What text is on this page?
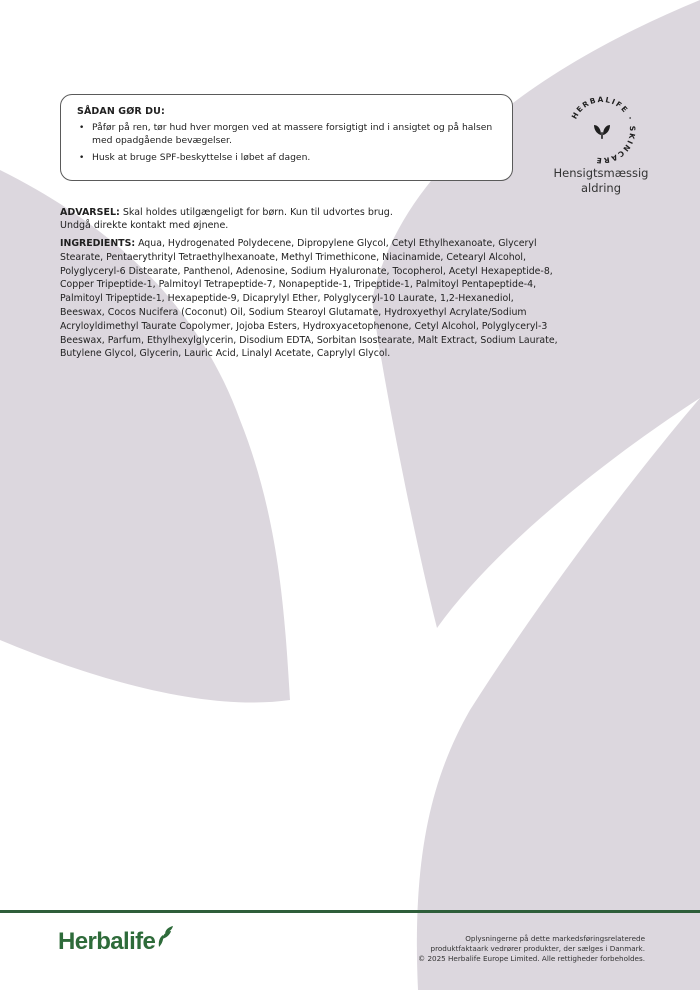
SÅDAN GØR DU:
• Påfør på ren, tør hud hver morgen ved at massere forsigtigt ind i ansigtet og på halsen med opadgående bevægelser.
• Husk at bruge SPF-beskyttelse i løbet af dagen.
HERBALIFE · SKINCARE
Hensigtsmæssig
aldring
ADVARSEL: Skal holdes utilgængeligt for børn. Kun til udvortes brug.
Undgå direkte kontakt med øjnene.
INGREDIENTS: Aqua, Hydrogenated Polydecene, Dipropylene Glycol, Cetyl Ethylhexanoate, Glyceryl Stearate, Pentaerythrityl Tetraethylhexanoate, Methyl Trimethicone, Niacinamide, Cetearyl Alcohol, Polyglyceryl-6 Distearate, Panthenol, Adenosine, Sodium Hyaluronate, Tocopherol, Acetyl Hexapeptide-8, Copper Tripeptide-1, Palmitoyl Tetrapeptide-7, Nonapeptide-1, Tripeptide-1, Palmitoyl Pentapeptide-4, Palmitoyl Tripeptide-1, Hexapeptide-9, Dicaprylyl Ether, Polyglyceryl-10 Laurate, 1,2-Hexanediol, Beeswax, Cocos Nucifera (Coconut) Oil, Sodium Stearoyl Glutamate, Hydroxyethyl Acrylate/Sodium Acryloyldimethyl Taurate Copolymer, Jojoba Esters, Hydroxyacetophenone, Cetyl Alcohol, Polyglyceryl-3 Beeswax, Parfum, Ethylhexylglycerin, Disodium EDTA, Sorbitan Isostearate, Malt Extract, Sodium Laurate, Butylene Glycol, Glycerin, Lauric Acid, Linalyl Acetate, Caprylyl Glycol.
Herbalife	Oplysningerne på dette markedsføringsrelaterede
produktfaktaark vedrører produkter, der sælges i Danmark.
© 2025 Herbalife Europe Limited. Alle rettigheder forbeholdes.
